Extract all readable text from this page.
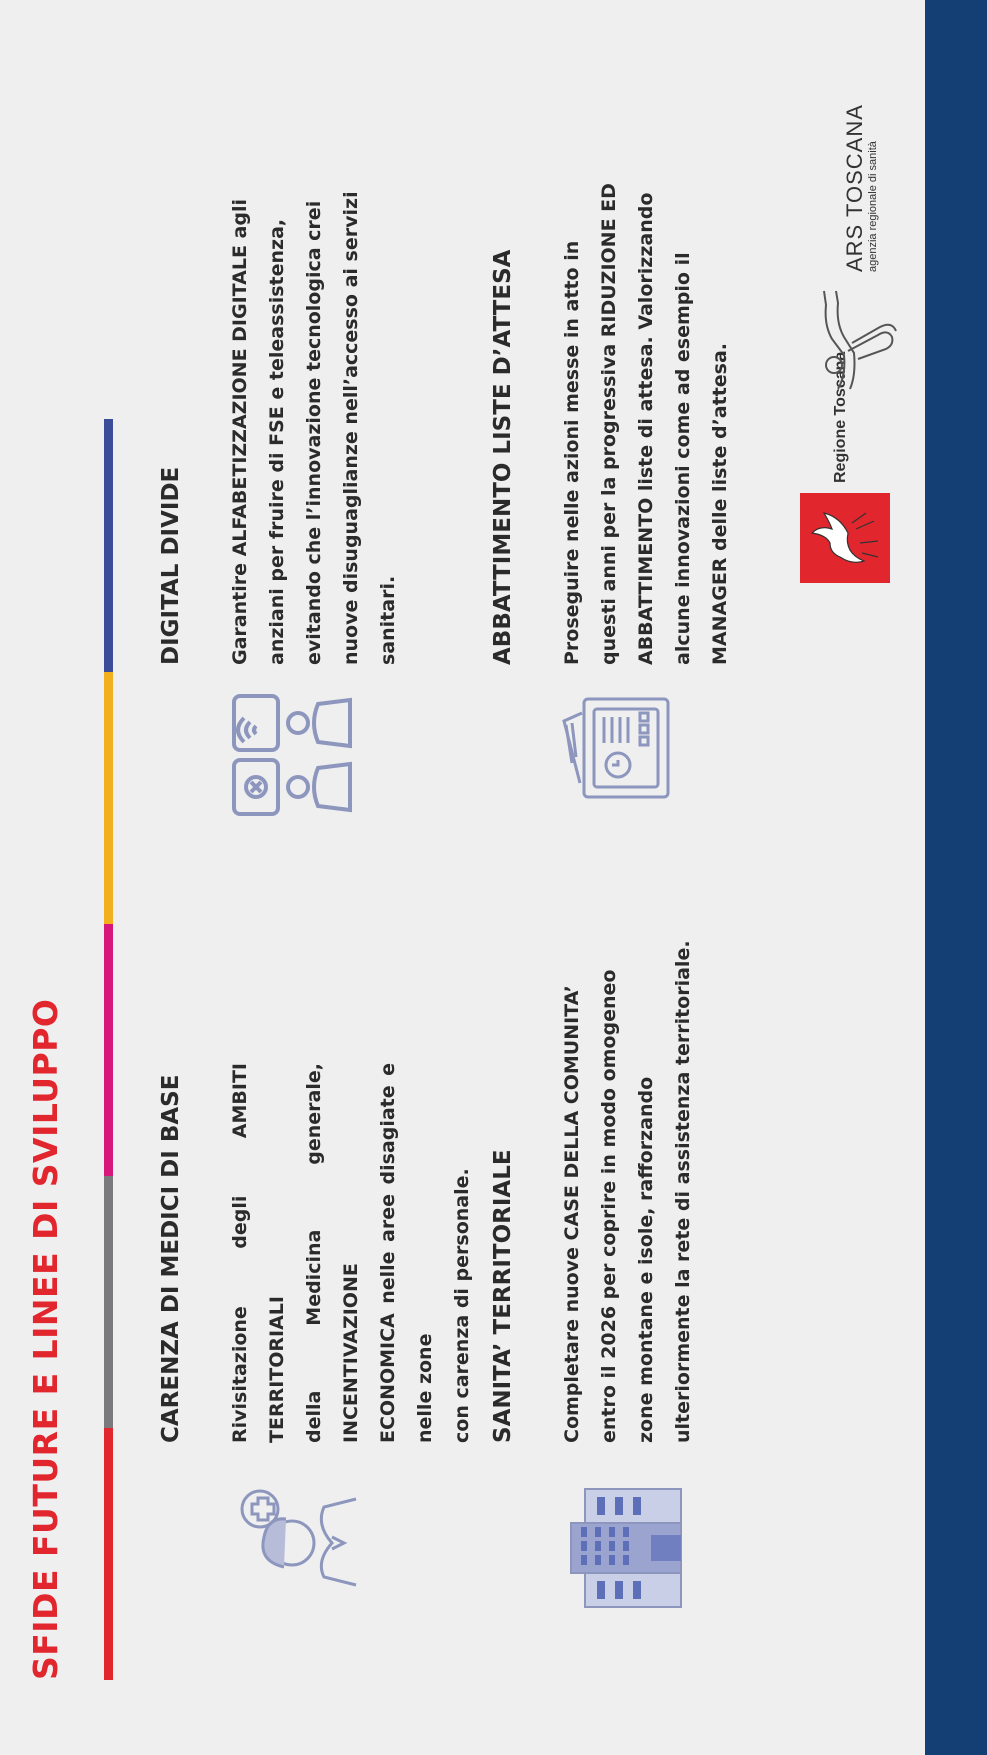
SFIDE FUTURE E LINEE DI SVILUPPO	CARENZA DI MEDICI DI BASE	Rivisitazione degli AMBITI TERRITORIALI della Medicina generale, INCENTIVAZIONE ECONOMICA nelle aree disagiate e nelle zone con carenza di personale.
DIGITAL DIVIDE	Garantire ALFABETIZZAZIONE DIGITALE agli anziani per fruire di FSE e teleassistenza, evitando che l’innovazione tecnologica crei nuove disuguaglianze nell’accesso ai servizi sanitari.
SANITA’ TERRITORIALE	Completare nuove CASE DELLA COMUNITA’ entro il 2026 per coprire in modo omogeneo zone montane e isole, rafforzando ulteriormente la rete di assistenza territoriale.
ABBATTIMENTO LISTE D’ATTESA	Proseguire nelle azioni messe in atto in questi anni per la progressiva RIDUZIONE ED ABBATTIMENTO liste di attesa. Valorizzando alcune innovazioni come ad esempio il MANAGER delle liste d’attesa.	Regione Toscana
ARS TOSCANA agenzia regionale di sanità
